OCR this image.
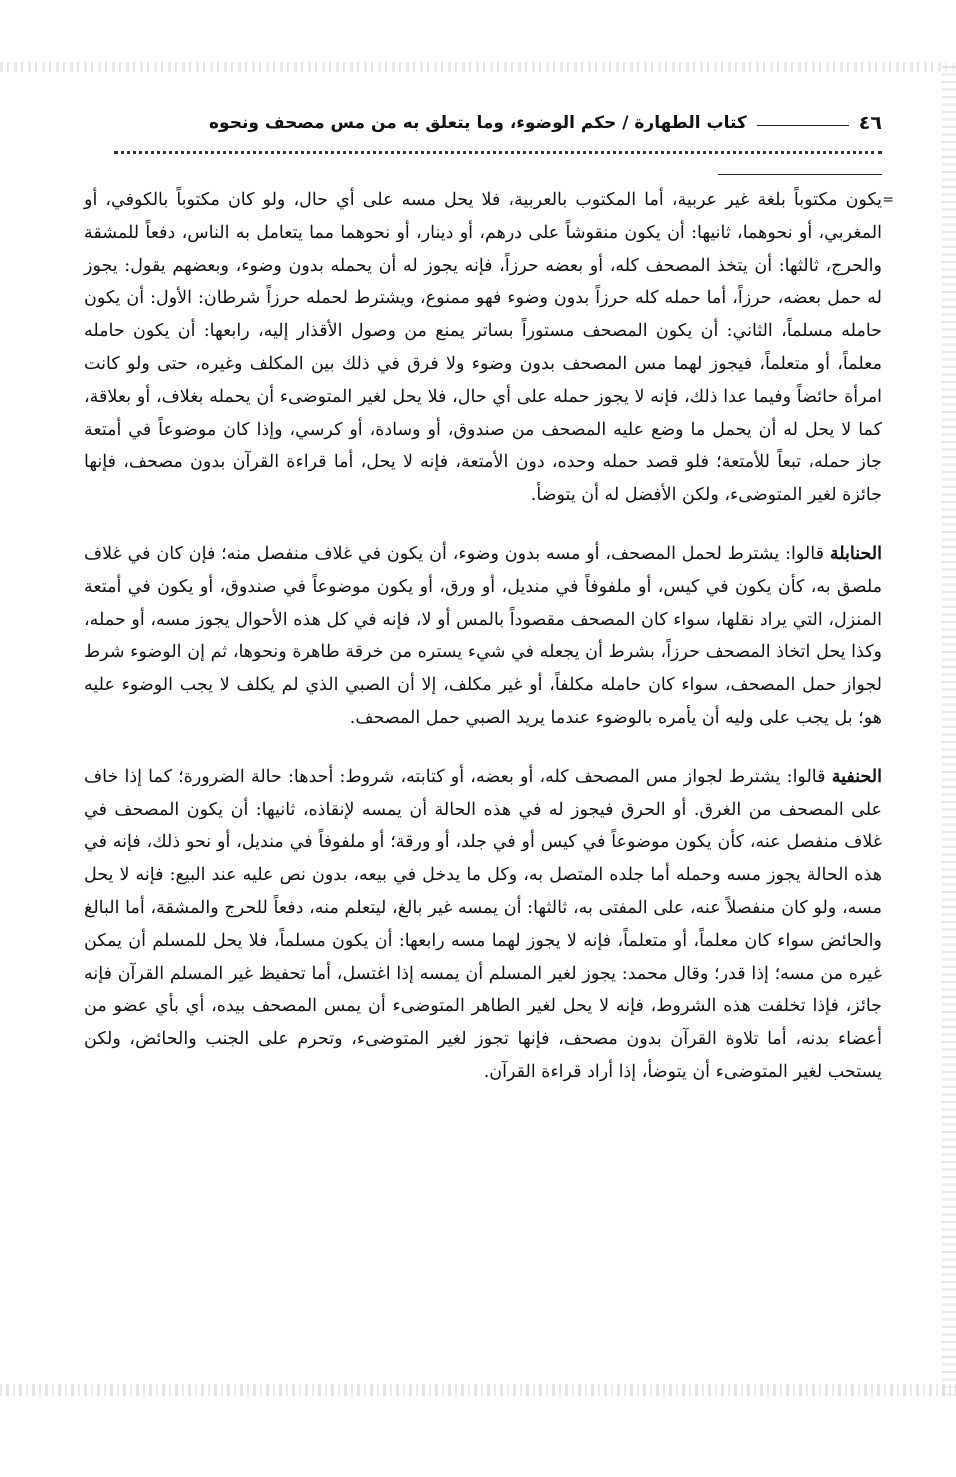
٤٦
كتاب الطهارة / حكم الوضوء، وما يتعلق به من مس مصحف ونحوه
=

يكون مكتوباً بلغة غير عربية، أما المكتوب بالعربية، فلا يحل مسه على أي حال، ولو كان مكتوباً بالكوفي، أو المغربي، أو نحوهما، ثانيها: أن يكون منقوشاً على درهم، أو دينار، أو نحوهما مما يتعامل به الناس، دفعاً للمشقة والحرج، ثالثها: أن يتخذ المصحف كله، أو بعضه حرزاً، فإنه يجوز له أن يحمله بدون وضوء، وبعضهم يقول: يجوز له حمل بعضه، حرزاً، أما حمله كله حرزاً بدون وضوء فهو ممنوع، ويشترط لحمله حرزاً شرطان: الأول: أن يكون حامله مسلماً، الثاني: أن يكون المصحف مستوراً بساتر يمنع من وصول الأقذار إليه، رابعها: أن يكون حامله معلماً، أو متعلماً، فيجوز لهما مس المصحف بدون وضوء ولا فرق في ذلك بين المكلف وغيره، حتى ولو كانت امرأة حائضاً وفيما عدا ذلك، فإنه لا يجوز حمله على أي حال، فلا يحل لغير المتوضىء أن يحمله بغلاف، أو بعلاقة، كما لا يحل له أن يحمل ما وضع عليه المصحف من صندوق، أو وسادة، أو كرسي، وإذا كان موضوعاً في أمتعة جاز حمله، تبعاً للأمتعة؛ فلو قصد حمله وحده، دون الأمتعة، فإنه لا يحل، أما قراءة القرآن بدون مصحف، فإنها جائزة لغير المتوضىء، ولكن الأفضل له أن يتوضأ.

الحنابلة قالوا: يشترط لحمل المصحف، أو مسه بدون وضوء، أن يكون في غلاف منفصل منه؛ فإن كان في غلاف ملصق به، كأن يكون في كيس، أو ملفوفاً في منديل، أو ورق، أو يكون موضوعاً في صندوق، أو يكون في أمتعة المنزل، التي يراد نقلها، سواء كان المصحف مقصوداً بالمس أو لا، فإنه في كل هذه الأحوال يجوز مسه، أو حمله، وكذا يحل اتخاذ المصحف حرزاً، بشرط أن يجعله في شيء يستره من خرقة طاهرة ونحوها، ثم إن الوضوء شرط لجواز حمل المصحف، سواء كان حامله مكلفاً، أو غير مكلف، إلا أن الصبي الذي لم يكلف لا يجب الوضوء عليه هو؛ بل يجب على وليه أن يأمره بالوضوء عندما يريد الصبي حمل المصحف.

الحنفية قالوا: يشترط لجواز مس المصحف كله، أو بعضه، أو كتابته، شروط: أحدها: حالة الضرورة؛ كما إذا خاف على المصحف من الغرق. أو الحرق فيجوز له في هذه الحالة أن يمسه لإنقاذه، ثانيها: أن يكون المصحف في غلاف منفصل عنه، كأن يكون موضوعاً في كيس أو في جلد، أو ورقة؛ أو ملفوفاً في منديل، أو نحو ذلك، فإنه في هذه الحالة يجوز مسه وحمله أما جلده المتصل به، وكل ما يدخل في بيعه، بدون نص عليه عند البيع: فإنه لا يحل مسه، ولو كان منفصلاً عنه، على المفتى به، ثالثها: أن يمسه غير بالغ، ليتعلم منه، دفعاً للحرج والمشقة، أما البالغ والحائض سواء كان معلماً، أو متعلماً، فإنه لا يجوز لهما مسه رابعها: أن يكون مسلماً، فلا يحل للمسلم أن يمكن غيره من مسه؛ إذا قدر؛ وقال محمد: يجوز لغير المسلم أن يمسه إذا اغتسل، أما تحفيظ غير المسلم القرآن فإنه جائز، فإذا تخلفت هذه الشروط، فإنه لا يحل لغير الطاهر المتوضىء أن يمس المصحف بيده، أي بأي عضو من أعضاء بدنه، أما تلاوة القرآن بدون مصحف، فإنها تجوز لغير المتوضىء، وتحرم على الجنب والحائض، ولكن يستحب لغير المتوضىء أن يتوضأ، إذا أراد قراءة القرآن.
